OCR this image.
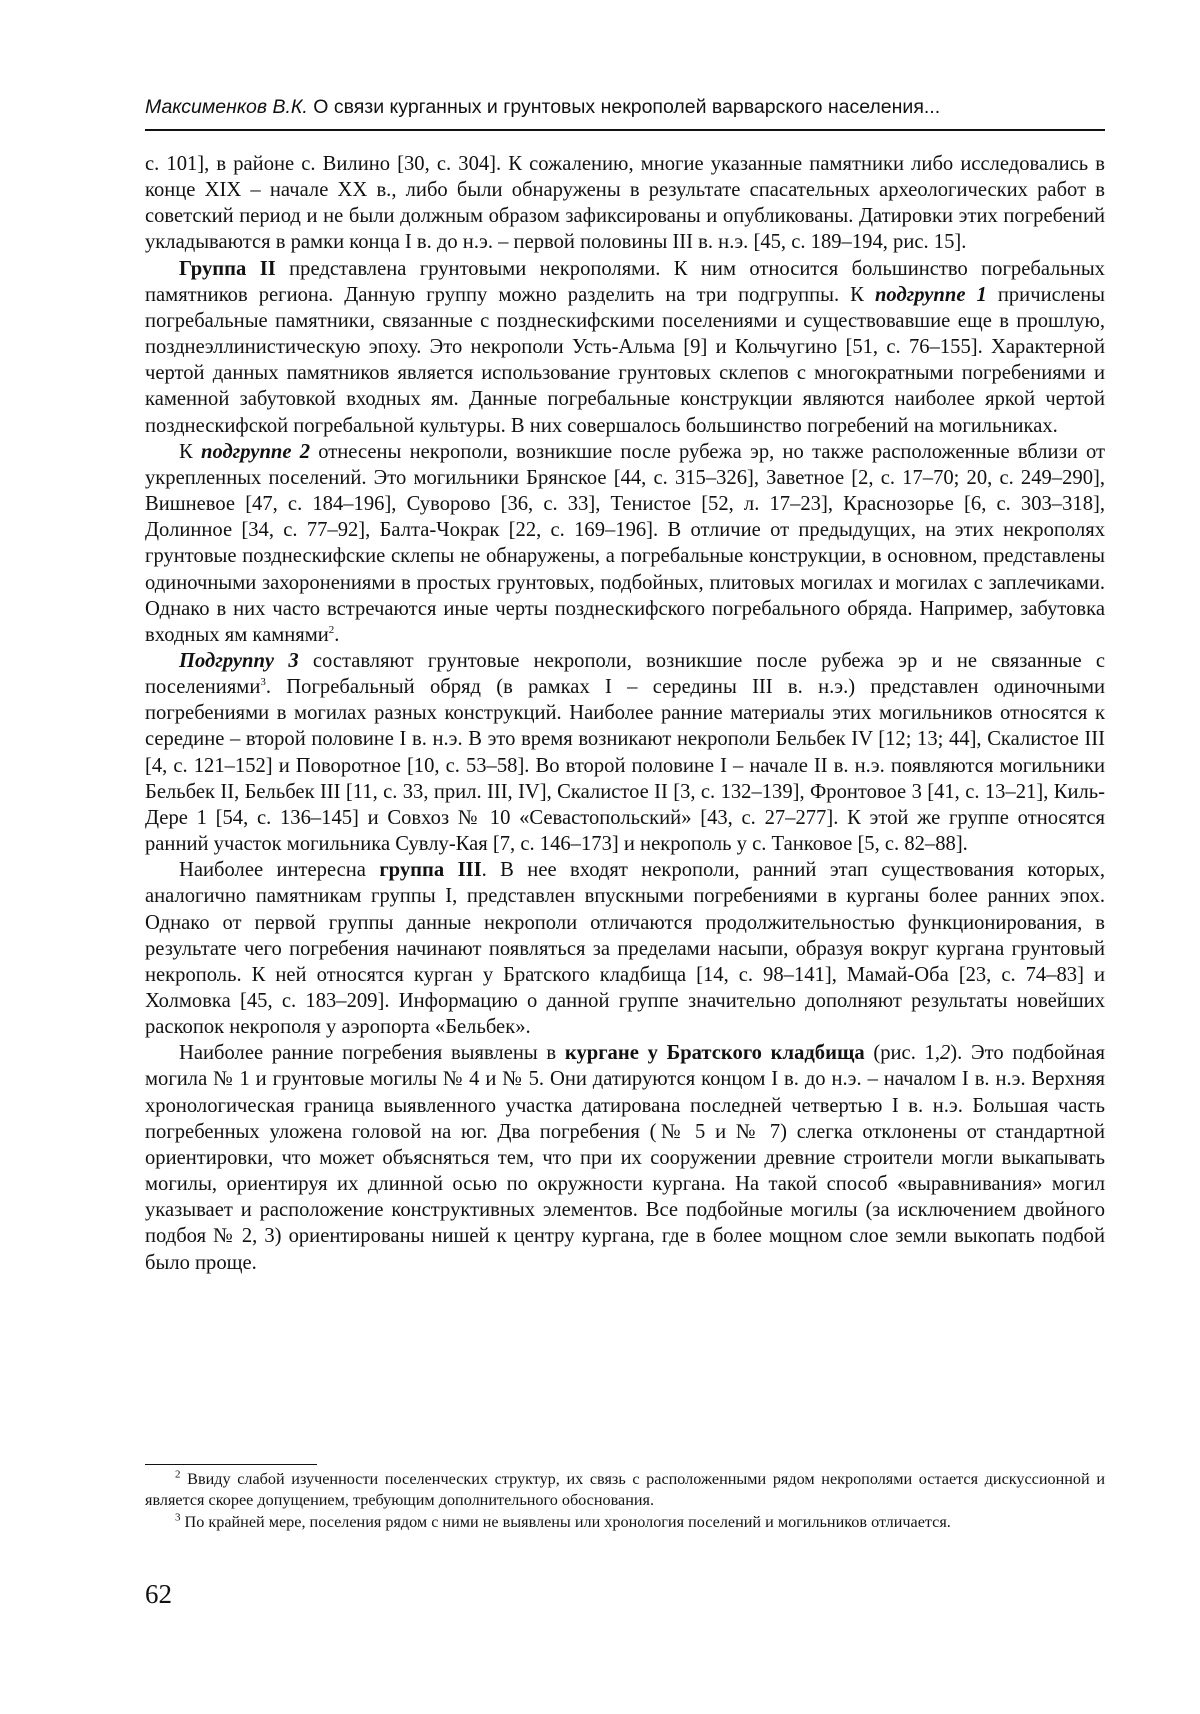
Максименков В.К. О связи курганных и грунтовых некрополей варварского населения...

с. 101], в районе с. Вилино [30, с. 304]. К сожалению, многие указанные памятники либо исследовались в конце XIX – начале XX в., либо были обнаружены в результате спасательных археологических работ в советский период и не были должным образом зафиксированы и опубликованы. Датировки этих погребений укладываются в рамки конца I в. до н.э. – первой половины III в. н.э. [45, с. 189–194, рис. 15].

Группа II представлена грунтовыми некрополями. К ним относится большинство погребальных памятников региона. Данную группу можно разделить на три подгруппы. К подгруппе 1 причислены погребальные памятники, связанные с позднескифскими поселениями и существовавшие еще в прошлую, позднеэллинистическую эпоху. Это некрополи Усть-Альма [9] и Кольчугино [51, с. 76–155]. Характерной чертой данных памятников является использование грунтовых склепов с многократными погребениями и каменной забутовкой входных ям. Данные погребальные конструкции являются наиболее яркой чертой позднескифской погребальной культуры. В них совершалось большинство погребений на могильниках.

К подгруппе 2 отнесены некрополи, возникшие после рубежа эр, но также расположенные вблизи от укрепленных поселений. Это могильники Брянское [44, с. 315–326], Заветное [2, с. 17–70; 20, с. 249–290], Вишневое [47, с. 184–196], Суворово [36, с. 33], Тенистое [52, л. 17–23], Краснозорье [6, с. 303–318], Долинное [34, с. 77–92], Балта-Чокрак [22, с. 169–196]. В отличие от предыдущих, на этих некрополях грунтовые позднескифские склепы не обнаружены, а погребальные конструкции, в основном, представлены одиночными захоронениями в простых грунтовых, подбойных, плитовых могилах и могилах с заплечиками. Однако в них часто встречаются иные черты позднескифского погребального обряда. Например, забутовка входных ям камнями$^2$.

Подгруппу 3 составляют грунтовые некрополи, возникшие после рубежа эр и не связанные с поселениями$^3$. Погребальный обряд (в рамках I – середины III в. н.э.) представлен одиночными погребениями в могилах разных конструкций. Наиболее ранние материалы этих могильников относятся к середине – второй половине I в. н.э. В это время возникают некрополи Бельбек IV [12; 13; 44], Скалистое III [4, с. 121–152] и Поворотное [10, с. 53–58]. Во второй половине I – начале II в. н.э. появляются могильники Бельбек II, Бельбек III [11, с. 33, прил. III, IV], Скалистое II [3, с. 132–139], Фронтовое 3 [41, с. 13–21], Киль-Дере 1 [54, с. 136–145] и Совхоз № 10 «Севастопольский» [43, с. 27–277]. К этой же группе относятся ранний участок могильника Сувлу-Кая [7, с. 146–173] и некрополь у с. Танковое [5, с. 82–88].

Наиболее интересна группа III. В нее входят некрополи, ранний этап существования которых, аналогично памятникам группы I, представлен впускными погребениями в курганы более ранних эпох. Однако от первой группы данные некрополи отличаются продолжительностью функционирования, в результате чего погребения начинают появляться за пределами насыпи, образуя вокруг кургана грунтовый некрополь. К ней относятся курган у Братского кладбища [14, с. 98–141], Мамай-Оба [23, с. 74–83] и Холмовка [45, с. 183–209]. Информацию о данной группе значительно дополняют результаты новейших раскопок некрополя у аэропорта «Бельбек».

Наиболее ранние погребения выявлены в кургане у Братского кладбища (рис. 1,2). Это подбойная могила № 1 и грунтовые могилы № 4 и № 5. Они датируются концом I в. до н.э. – началом I в. н.э. Верхняя хронологическая граница выявленного участка датирована последней четвертью I в. н.э. Большая часть погребенных уложена головой на юг. Два погребения (№ 5 и № 7) слегка отклонены от стандартной ориентировки, что может объясняться тем, что при их сооружении древние строители могли выкапывать могилы, ориентируя их длинной осью по окружности кургана. На такой способ «выравнивания» могил указывает и расположение конструктивных элементов. Все подбойные могилы (за исключением двойного подбоя № 2, 3) ориентированы нишей к центру кургана, где в более мощном слое земли выкопать подбой было проще.

$^2$ Ввиду слабой изученности поселенческих структур, их связь с расположенными рядом некрополями остается дискуссионной и является скорее допущением, требующим дополнительного обоснования.

$^3$ По крайней мере, поселения рядом с ними не выявлены или хронология поселений и могильников отличается.

62
